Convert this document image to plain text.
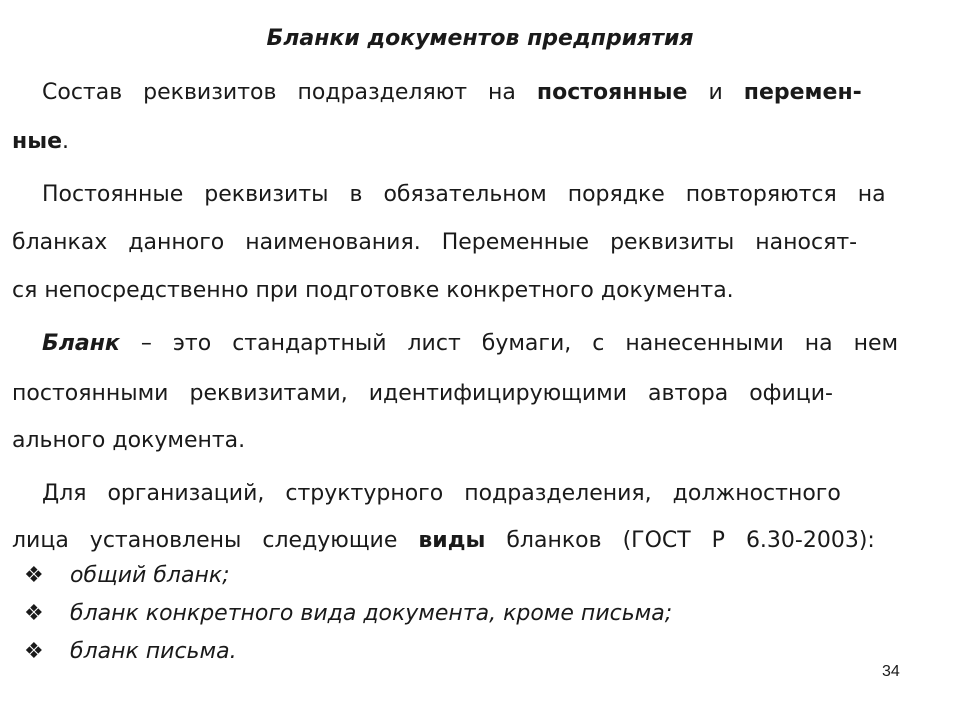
Бланки документов предприятия
Состав реквизитов подразделяют на постоянные и перемен-
ные.
Постоянные реквизиты в обязательном порядке повторяются на
бланках данного наименования. Переменные реквизиты наносят-
ся непосредственно при подготовке конкретного документа.
Бланк – это стандартный лист бумаги, с нанесенными на нем
постоянными реквизитами, идентифицирующими автора офици-
ального документа.
Для организаций, структурного подразделения, должностного
лица установлены следующие виды бланков (ГОСТ Р 6.30-2003):
❖ общий бланк;
❖ бланк конкретного вида документа, кроме письма;
❖ бланк письма.
34
